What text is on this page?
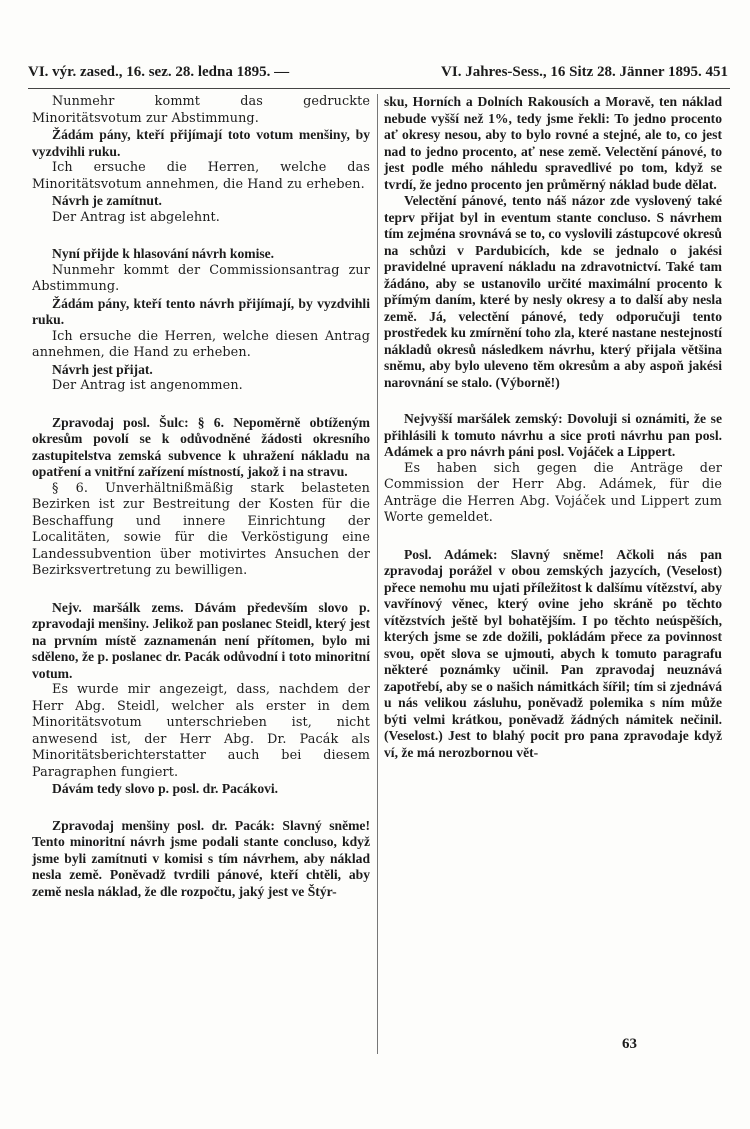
VI. výr. zased., 16. sez. 28. ledna 1895. —	VI. Jahres-Sess., 16 Sitz 28. Jänner 1895. 451

Nunmehr kommt das gedruckte Minoritätsvotum zur Abstimmung.

Žádám pány, kteří přijímají toto votum menšiny, by vyzdvihli ruku.

Ich ersuche die Herren, welche das Minoritätsvotum annehmen, die Hand zu erheben.

Návrh je zamítnut.

Der Antrag ist abgelehnt.

Nyní přijde k hlasování návrh komise.

Nunmehr kommt der Commissionsantrag zur Abstimmung.

Žádám pány, kteří tento návrh přijímají, by vyzdvihli ruku.

Ich ersuche die Herren, welche diesen Antrag annehmen, die Hand zu erheben.

Návrh jest přijat.

Der Antrag ist angenommen.

Zpravodaj posl. Šulc: § 6. Nepoměrně obtíženým okresům povolí se k odůvodněné žádosti okresního zastupitelstva zemská subvence k uhražení nákladu na opatření a vnitřní zařízení místností, jakož i na stravu.

§ 6. Unverhältnißmäßig stark belasteten Bezirken ist zur Bestreitung der Kosten für die Beschaffung und innere Einrichtung der Localitäten, sowie für die Verköstigung eine Landessubvention über motivirtes Ansuchen der Bezirksvertretung zu bewilligen.

Nejv. maršálk zems. Dávám především slovo p. zpravodaji menšiny. Jelikož pan poslanec Steidl, který jest na prvním místě zaznamenán není přítomen, bylo mi sděleno, že p. poslanec dr. Pacák odůvodní i toto minoritní votum.

Es wurde mir angezeigt, dass, nachdem der Herr Abg. Steidl, welcher als erster in dem Minoritätsvotum unterschrieben ist, nicht anwesend ist, der Herr Abg. Dr. Pacák als Minoritätsberichterstatter auch bei diesem Paragraphen fungiert.

Dávám tedy slovo p. posl. dr. Pacákovi.

Zpravodaj menšiny posl. dr. Pacák: Slavný sněme! Tento minoritní návrh jsme podali stante concluso, když jsme byli zamítnuti v komisi s tím návrhem, aby náklad nesla země. Poněvadž tvrdili pánové, kteří chtěli, aby země nesla náklad, že dle rozpočtu, jaký jest ve Štýr-

sku, Horních a Dolních Rakousích a Moravě, ten náklad nebude vyšší než 1%, tedy jsme řekli: To jedno procento ať okresy nesou, aby to bylo rovné a stejné, ale to, co jest nad to jedno procento, ať nese země. Velectění pánové, to jest podle mého náhledu spravedlivé po tom, když se tvrdí, že jedno procento jen průměrný náklad bude dělat.

Velectění pánové, tento náš názor zde vyslovený také teprv přijat byl in eventum stante concluso. S návrhem tím zejména srovnává se to, co vyslovili zástupcové okresů na schůzi v Pardubicích, kde se jednalo o jakési pravidelné upravení nákladu na zdravotnictví. Také tam žádáno, aby se ustanovilo určité maximální procento k přímým daním, které by nesly okresy a to další aby nesla země. Já, velectění pánové, tedy odporučuji tento prostředek ku zmírnění toho zla, které nastane nestejností nákladů okresů následkem návrhu, který přijala většina sněmu, aby bylo uleveno těm okresům a aby aspoň jakési narovnání se stalo. (Výborně!)

Nejvyšší maršálek zemský: Dovoluji si oznámiti, že se přihlásili k tomuto návrhu a sice proti návrhu pan posl. Adámek a pro návrh páni posl. Vojáček a Lippert.

Es haben sich gegen die Anträge der Commission der Herr Abg. Adámek, für die Anträge die Herren Abg. Vojáček und Lippert zum Worte gemeldet.

Posl. Adámek: Slavný sněme! Ačkoli nás pan zpravodaj porážel v obou zemských jazycích, (Veselost) přece nemohu mu ujati příležitost k dalšímu vítězství, aby vavřínový věnec, který ovine jeho skráně po těchto vítězstvích ještě byl bohatějším. I po těchto neúspěších, kterých jsme se zde dožili, pokládám přece za povinnost svou, opět slova se ujmouti, abych k tomuto paragrafu některé poznámky učinil. Pan zpravodaj neuznává zapotřebí, aby se o našich námitkách šířil; tím si zjednává u nás velikou zásluhu, poněvadž polemika s ním může býti velmi krátkou, poněvadž žádných námitek nečinil. (Veselost.) Jest to blahý pocit pro pana zpravodaje když ví, že má nerozbornou vět-

63
